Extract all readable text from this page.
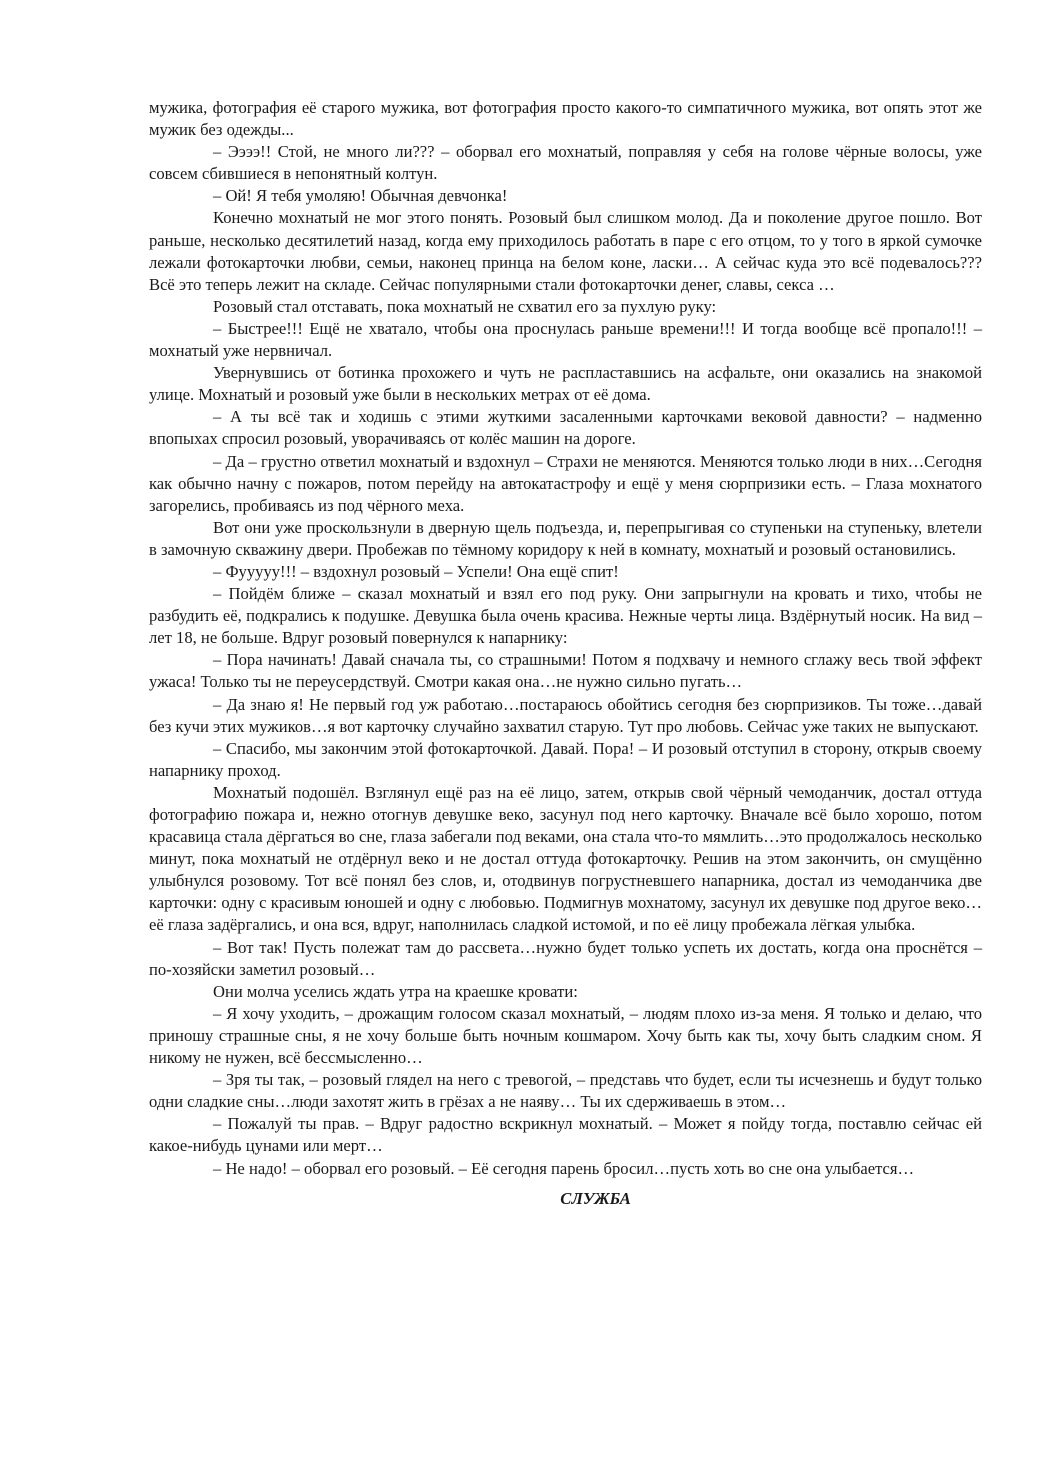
мужика, фотография её старого мужика, вот фотография просто какого-то симпатичного мужика, вот опять этот же мужик без одежды...

– Ээээ!! Стой, не много ли??? – оборвал его мохнатый, поправляя у себя на голове чёрные волосы, уже совсем сбившиеся в непонятный колтун.

– Ой! Я тебя умоляю! Обычная девчонка!

Конечно мохнатый не мог этого понять. Розовый был слишком молод. Да и поколение другое пошло. Вот раньше, несколько десятилетий назад, когда ему приходилось работать в паре с его отцом, то у того в яркой сумочке лежали фотокарточки любви, семьи, наконец принца на белом коне, ласки… А сейчас куда это всё подевалось??? Всё это теперь лежит на складе. Сейчас популярными стали фотокарточки денег, славы, секса …

Розовый стал отставать, пока мохнатый не схватил его за пухлую руку:

– Быстрее!!! Ещё не хватало, чтобы она проснулась раньше времени!!! И тогда вообще всё пропало!!! – мохнатый уже нервничал.

Увернувшись от ботинка прохожего и чуть не распластавшись на асфальте, они оказались на знакомой улице. Мохнатый и розовый уже были в нескольких метрах от её дома.

– А ты всё так и ходишь с этими жуткими засаленными карточками вековой давности? – надменно впопыхах спросил розовый, уворачиваясь от колёс машин на дороге.

– Да – грустно ответил мохнатый и вздохнул – Страхи не меняются. Меняются только люди в них…Сегодня как обычно начну с пожаров, потом перейду на автокатастрофу и ещё у меня сюрпризики есть. – Глаза мохнатого загорелись, пробиваясь из под чёрного меха.

Вот они уже проскользнули в дверную щель подъезда, и, перепрыгивая со ступеньки на ступеньку, влетели в замочную скважину двери. Пробежав по тёмному коридору к ней в комнату, мохнатый и розовый остановились.

– Фууууу!!! – вздохнул розовый – Успели! Она ещё спит!

– Пойдём ближе – сказал мохнатый и взял его под руку. Они запрыгнули на кровать и тихо, чтобы не разбудить её, подкрались к подушке. Девушка была очень красива. Нежные черты лица. Вздёрнутый носик. На вид – лет 18, не больше. Вдруг розовый повернулся к напарнику:

– Пора начинать! Давай сначала ты, со страшными! Потом я подхвачу и немного сглажу весь твой эффект ужаса! Только ты не переусердствуй. Смотри какая она…не нужно сильно пугать…

– Да знаю я! Не первый год уж работаю…постараюсь обойтись сегодня без сюрпризиков. Ты тоже…давай без кучи этих мужиков…я вот карточку случайно захватил старую. Тут про любовь. Сейчас уже таких не выпускают.

– Спасибо, мы закончим этой фотокарточкой. Давай. Пора! – И розовый отступил в сторону, открыв своему напарнику проход.

Мохнатый подошёл. Взглянул ещё раз на её лицо, затем, открыв свой чёрный чемоданчик, достал оттуда фотографию пожара и, нежно отогнув девушке веко, засунул под него карточку. Вначале всё было хорошо, потом красавица стала дёргаться во сне, глаза забегали под веками, она стала что-то мямлить…это продолжалось несколько минут, пока мохнатый не отдёрнул веко и не достал оттуда фотокарточку. Решив на этом закончить, он смущённо улыбнулся розовому. Тот всё понял без слов, и, отодвинув погрустневшего напарника, достал из чемоданчика две карточки: одну с красивым юношей и одну с любовью. Подмигнув мохнатому, засунул их девушке под другое веко…её глаза задёргались, и она вся, вдруг, наполнилась сладкой истомой, и по её лицу пробежала лёгкая улыбка.

– Вот так! Пусть полежат там до рассвета…нужно будет только успеть их достать, когда она проснётся – по-хозяйски заметил розовый…

Они молча уселись ждать утра на краешке кровати:

– Я хочу уходить, – дрожащим голосом сказал мохнатый, – людям плохо из-за меня. Я только и делаю, что приношу страшные сны, я не хочу больше быть ночным кошмаром. Хочу быть как ты, хочу быть сладким сном. Я никому не нужен, всё бессмысленно…

– Зря ты так, – розовый глядел на него с тревогой, – представь что будет, если ты исчезнешь и будут только одни сладкие сны…люди захотят жить в грёзах а не наяву… Ты их сдерживаешь в этом…

– Пожалуй ты прав. – Вдруг радостно вскрикнул мохнатый. – Может я пойду тогда, поставлю сейчас ей какое-нибудь цунами или мерт…

– Не надо! – оборвал его розовый. – Её сегодня парень бросил…пусть хоть во сне она улыбается…

СЛУЖБА
